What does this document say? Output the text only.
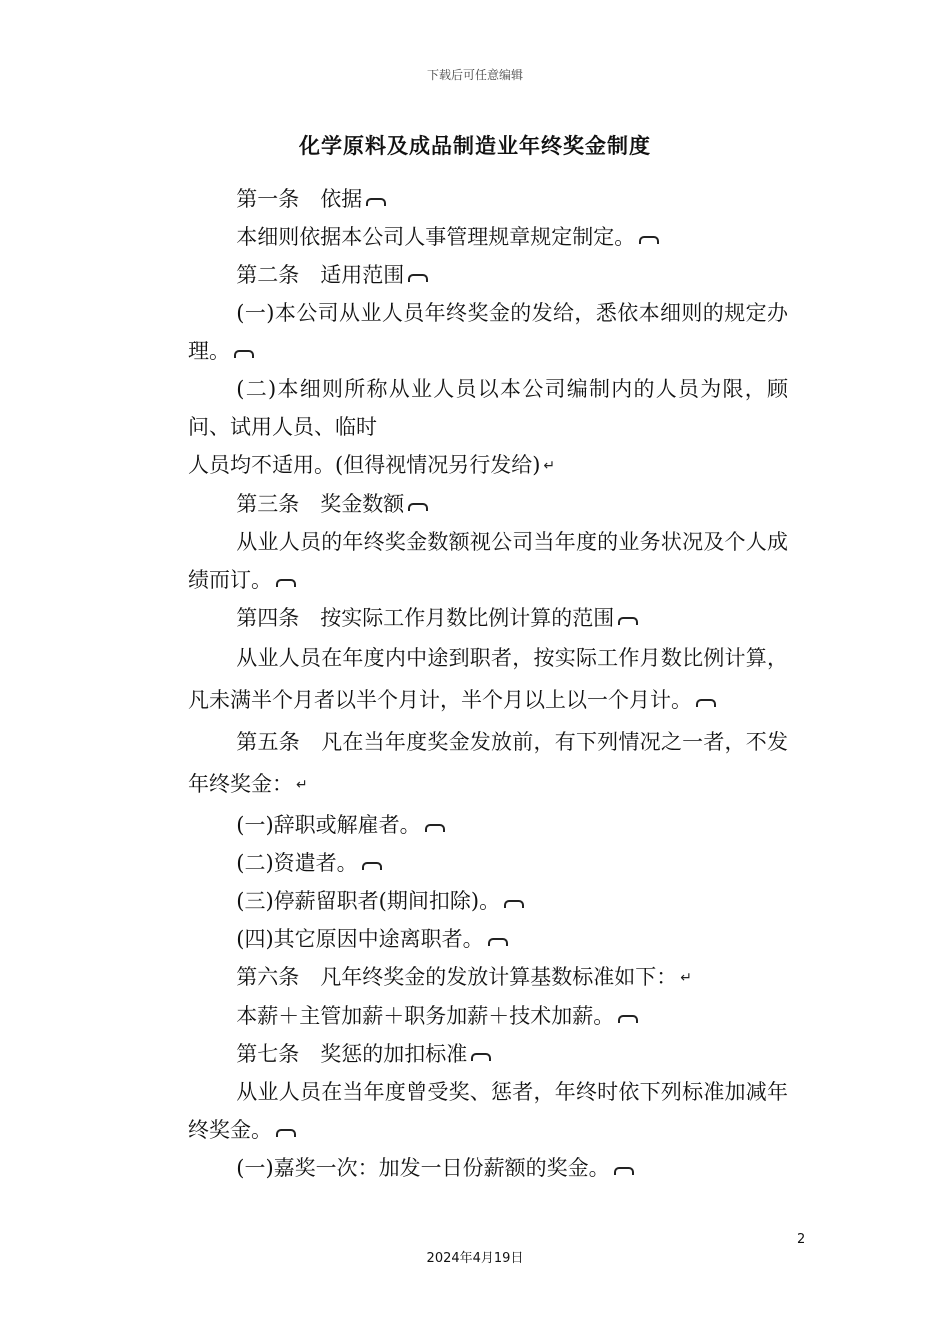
下载后可任意编辑
化学原料及成品制造业年终奖金制度

第一条　依据

本细则依据本公司人事管理规章规定制定。

第二条　适用范围

(一)本公司从业人员年终奖金的发给，悉依本细则的规定办理。

(二)本细则所称从业人员以本公司编制内的人员为限，顾问、试用人员、临时

人员均不适用。(但得视情况另行发给) ↵

第三条　奖金数额

从业人员的年终奖金数额视公司当年度的业务状况及个人成绩而订。

第四条　按实际工作月数比例计算的范围

从业人员在年度内中途到职者，按实际工作月数比例计算，凡未满半个月者以半个月计，半个月以上以一个月计。

第五条　凡在当年度奖金发放前，有下列情况之一者，不发年终奖金： ↵

(一)辞职或解雇者。

(二)资遣者。

(三)停薪留职者(期间扣除)。

(四)其它原因中途离职者。

第六条　凡年终奖金的发放计算基数标准如下： ↵

本薪＋主管加薪＋职务加薪＋技术加薪。

第七条　奖惩的加扣标准

从业人员在当年度曾受奖、惩者，年终时依下列标准加减年终奖金。

(一)嘉奖一次：加发一日份薪额的奖金。

2
2024年4月19日
